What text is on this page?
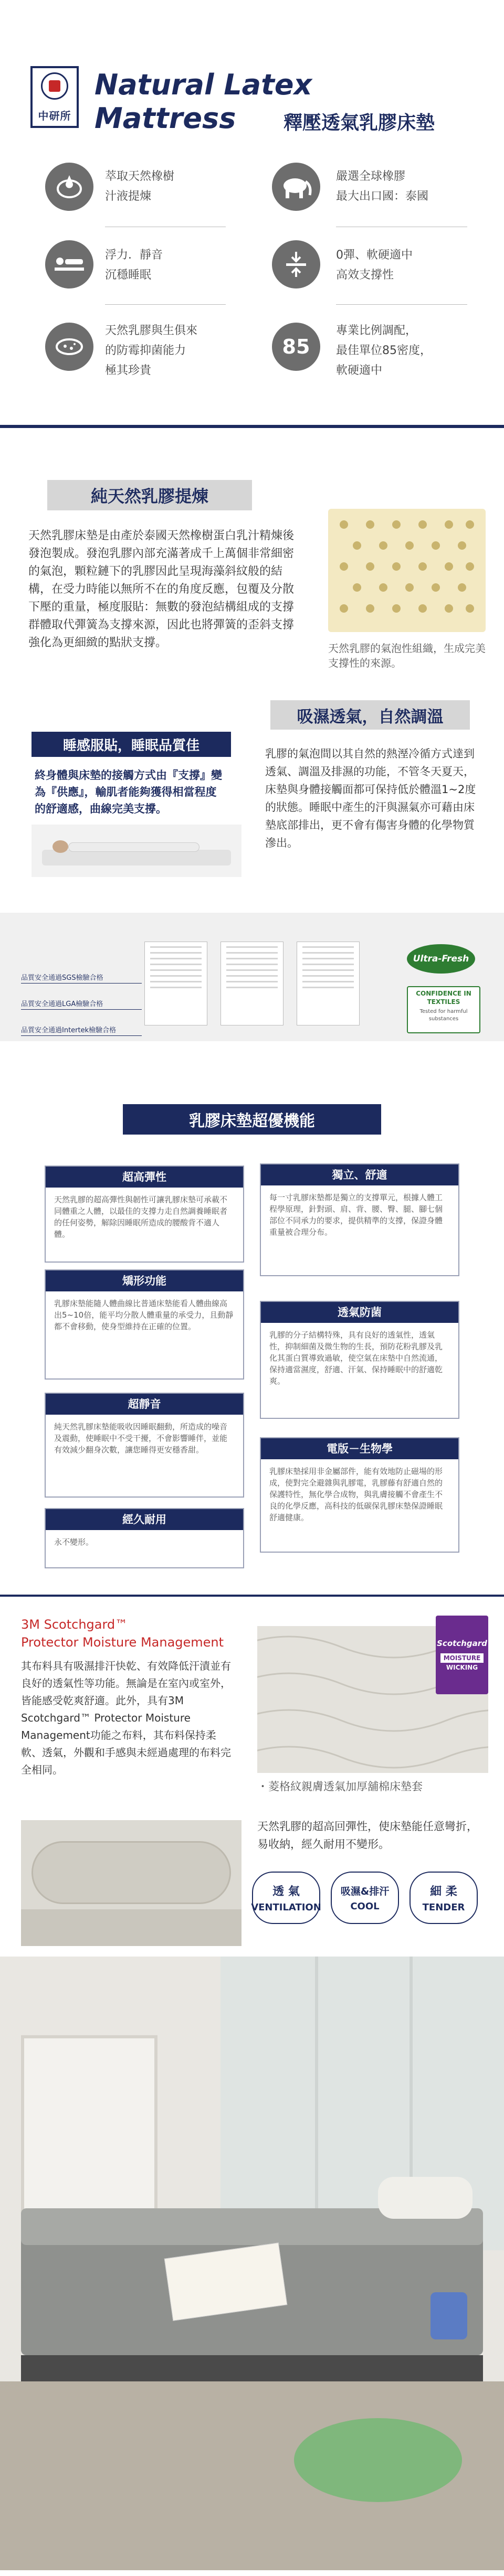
中研所
Natural Latex
Mattress	釋壓透氣乳膠床墊
萃取天然橡樹
汁液提煉
嚴選全球橡膠
最大出口國：泰國
浮力．靜音
沉穩睡眠
0彈、軟硬適中
高效支撐性
天然乳膠與生俱來
的防霉抑菌能力
極其珍貴
85
專業比例調配，
最佳單位85密度，
軟硬適中
純天然乳膠提煉
天然乳膠床墊是由產於泰國天然橡樹蛋白乳汁精煉後發泡製成。發泡乳膠內部充滿著成千上萬個非常細密的氣泡，顆粒鏈下的乳膠因此呈現海藻斜紋般的結構，在受力時能以無所不在的角度反應，包覆及分散下壓的重量，極度服貼：無數的發泡結構組成的支撐群體取代彈簧為支撐來源，因此也將彈簧的歪斜支撐強化為更細緻的點狀支撐。	天然乳膠的氣泡性組織，生成完美支撐性的來源。
睡感服貼，睡眠品質佳
終身體與床墊的接觸方式由『支撐』變為『供應』，輸肌者能夠獲得相當程度的舒適感，曲線完美支撐。
吸濕透氣，自然調溫
乳膠的氣泡間以其自然的熱溼冷循方式達到透氣、調溫及排濕的功能，不管冬天夏天，床墊與身體接觸面都可保持低於體溫1~2度的狀態。睡眠中產生的汗與濕氣亦可藉由床墊底部排出，更不會有傷害身體的化學物質滲出。
品質安全通過SGS檢驗合格
品質安全通過LGA檢驗合格
品質安全通過Intertek檢驗合格
Ultra-Fresh
CONFIDENCE IN TEXTILES
Tested for harmful substances
乳膠床墊超優機能
超高彈性
天然乳膠的超高彈性與韌性可讓乳膠床墊可承載不同體重之人體，以最佳的支撐力走自然調養睡眠者的任何姿勢，解除因睡眠所造成的腰酸背不適人體。
獨立、舒適
每一寸乳膠床墊都是獨立的支撐單元，根據人體工程學原理，針對頭、肩、背、腰、臀、腿、腳七個部位不同承力的要求，提供精準的支撐，保證身體重量被合理分布。
矯形功能
乳膠床墊能隨人體曲線比普通床墊能看人體曲線高出5~10倍，能平均分散人體重量的承受力，且動靜都不會移動，使身型維持在正確的位置。
透氣防菌
乳膠的分子結構特殊，具有良好的透氣性，透氣性，抑制細菌及微生物的生長，預防花粉乳膠及乳化其蛋白質導致過敏，使空氣在床墊中自然流通，保持適當濕度，舒適、汗氣、保持睡眠中的舒適乾爽。
超靜音
純天然乳膠床墊能吸收因睡眠翻動，所造成的噪音及震動，使睡眠中不受干擾，不會影響睡伴，並能有效減少翻身次數，讓您睡得更安穩香甜。	電版－生物學
乳膠床墊採用非金屬部件，能有效地防止磁場的形成，使對完全避雜與乳膠電，乳膠藤有舒適自然的保護特性，無化學合成物，與乳膚接觸不會產生不良的化學反應，高科技的低碳保乳膠床墊保證睡眠舒適健康。
經久耐用
永不變形。
3M Scotchgard™
Protector Moisture Management
其布料具有吸濕排汗快乾、有效降低汗漬並有良好的透氣性等功能。無論是在室內或室外，皆能感受乾爽舒適。此外，具有3M Scotchgard™ Protector Moisture Management功能之布料，其布料保持柔軟、透氣，外觀和手感與未經過處理的布料完全相同。
Scotchgard
MOISTURE
WICKING
・菱格紋親膚透氣加厚舖棉床墊套
天然乳膠的超高回彈性，使床墊能任意彎折，易收納，經久耐用不變形。
透 氣
VENTILATION
吸濕&排汗
COOL
細 柔
TENDER
